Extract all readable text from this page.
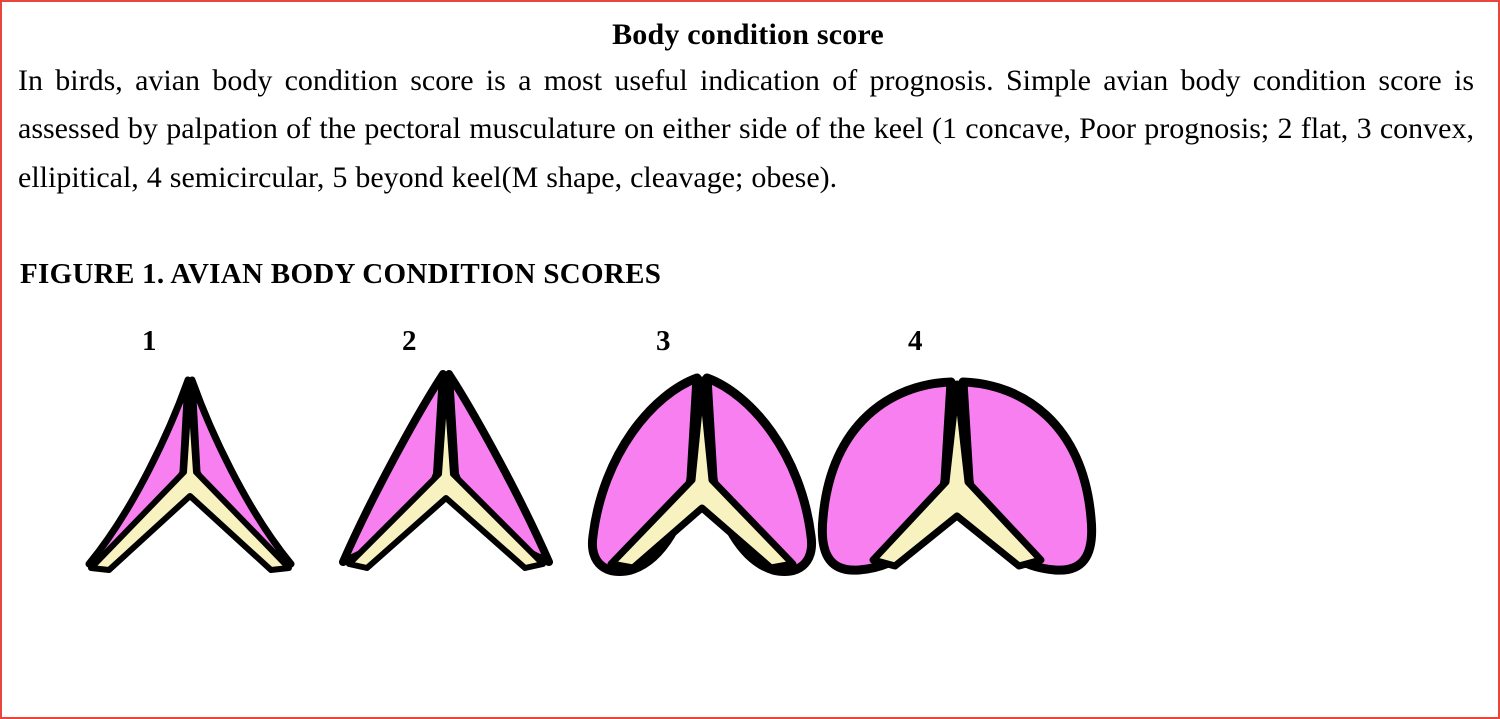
Body condition score

In birds, avian body condition score is a most useful indication of prognosis. Simple avian body condition score is assessed by palpation of the pectoral musculature on either side of the keel (1 concave, Poor prognosis; 2 flat, 3 convex, ellipitical, 4 semicircular, 5 beyond keel(M shape, cleavage; obese).

FIGURE 1. AVIAN BODY CONDITION SCORES
1	2	3	4
